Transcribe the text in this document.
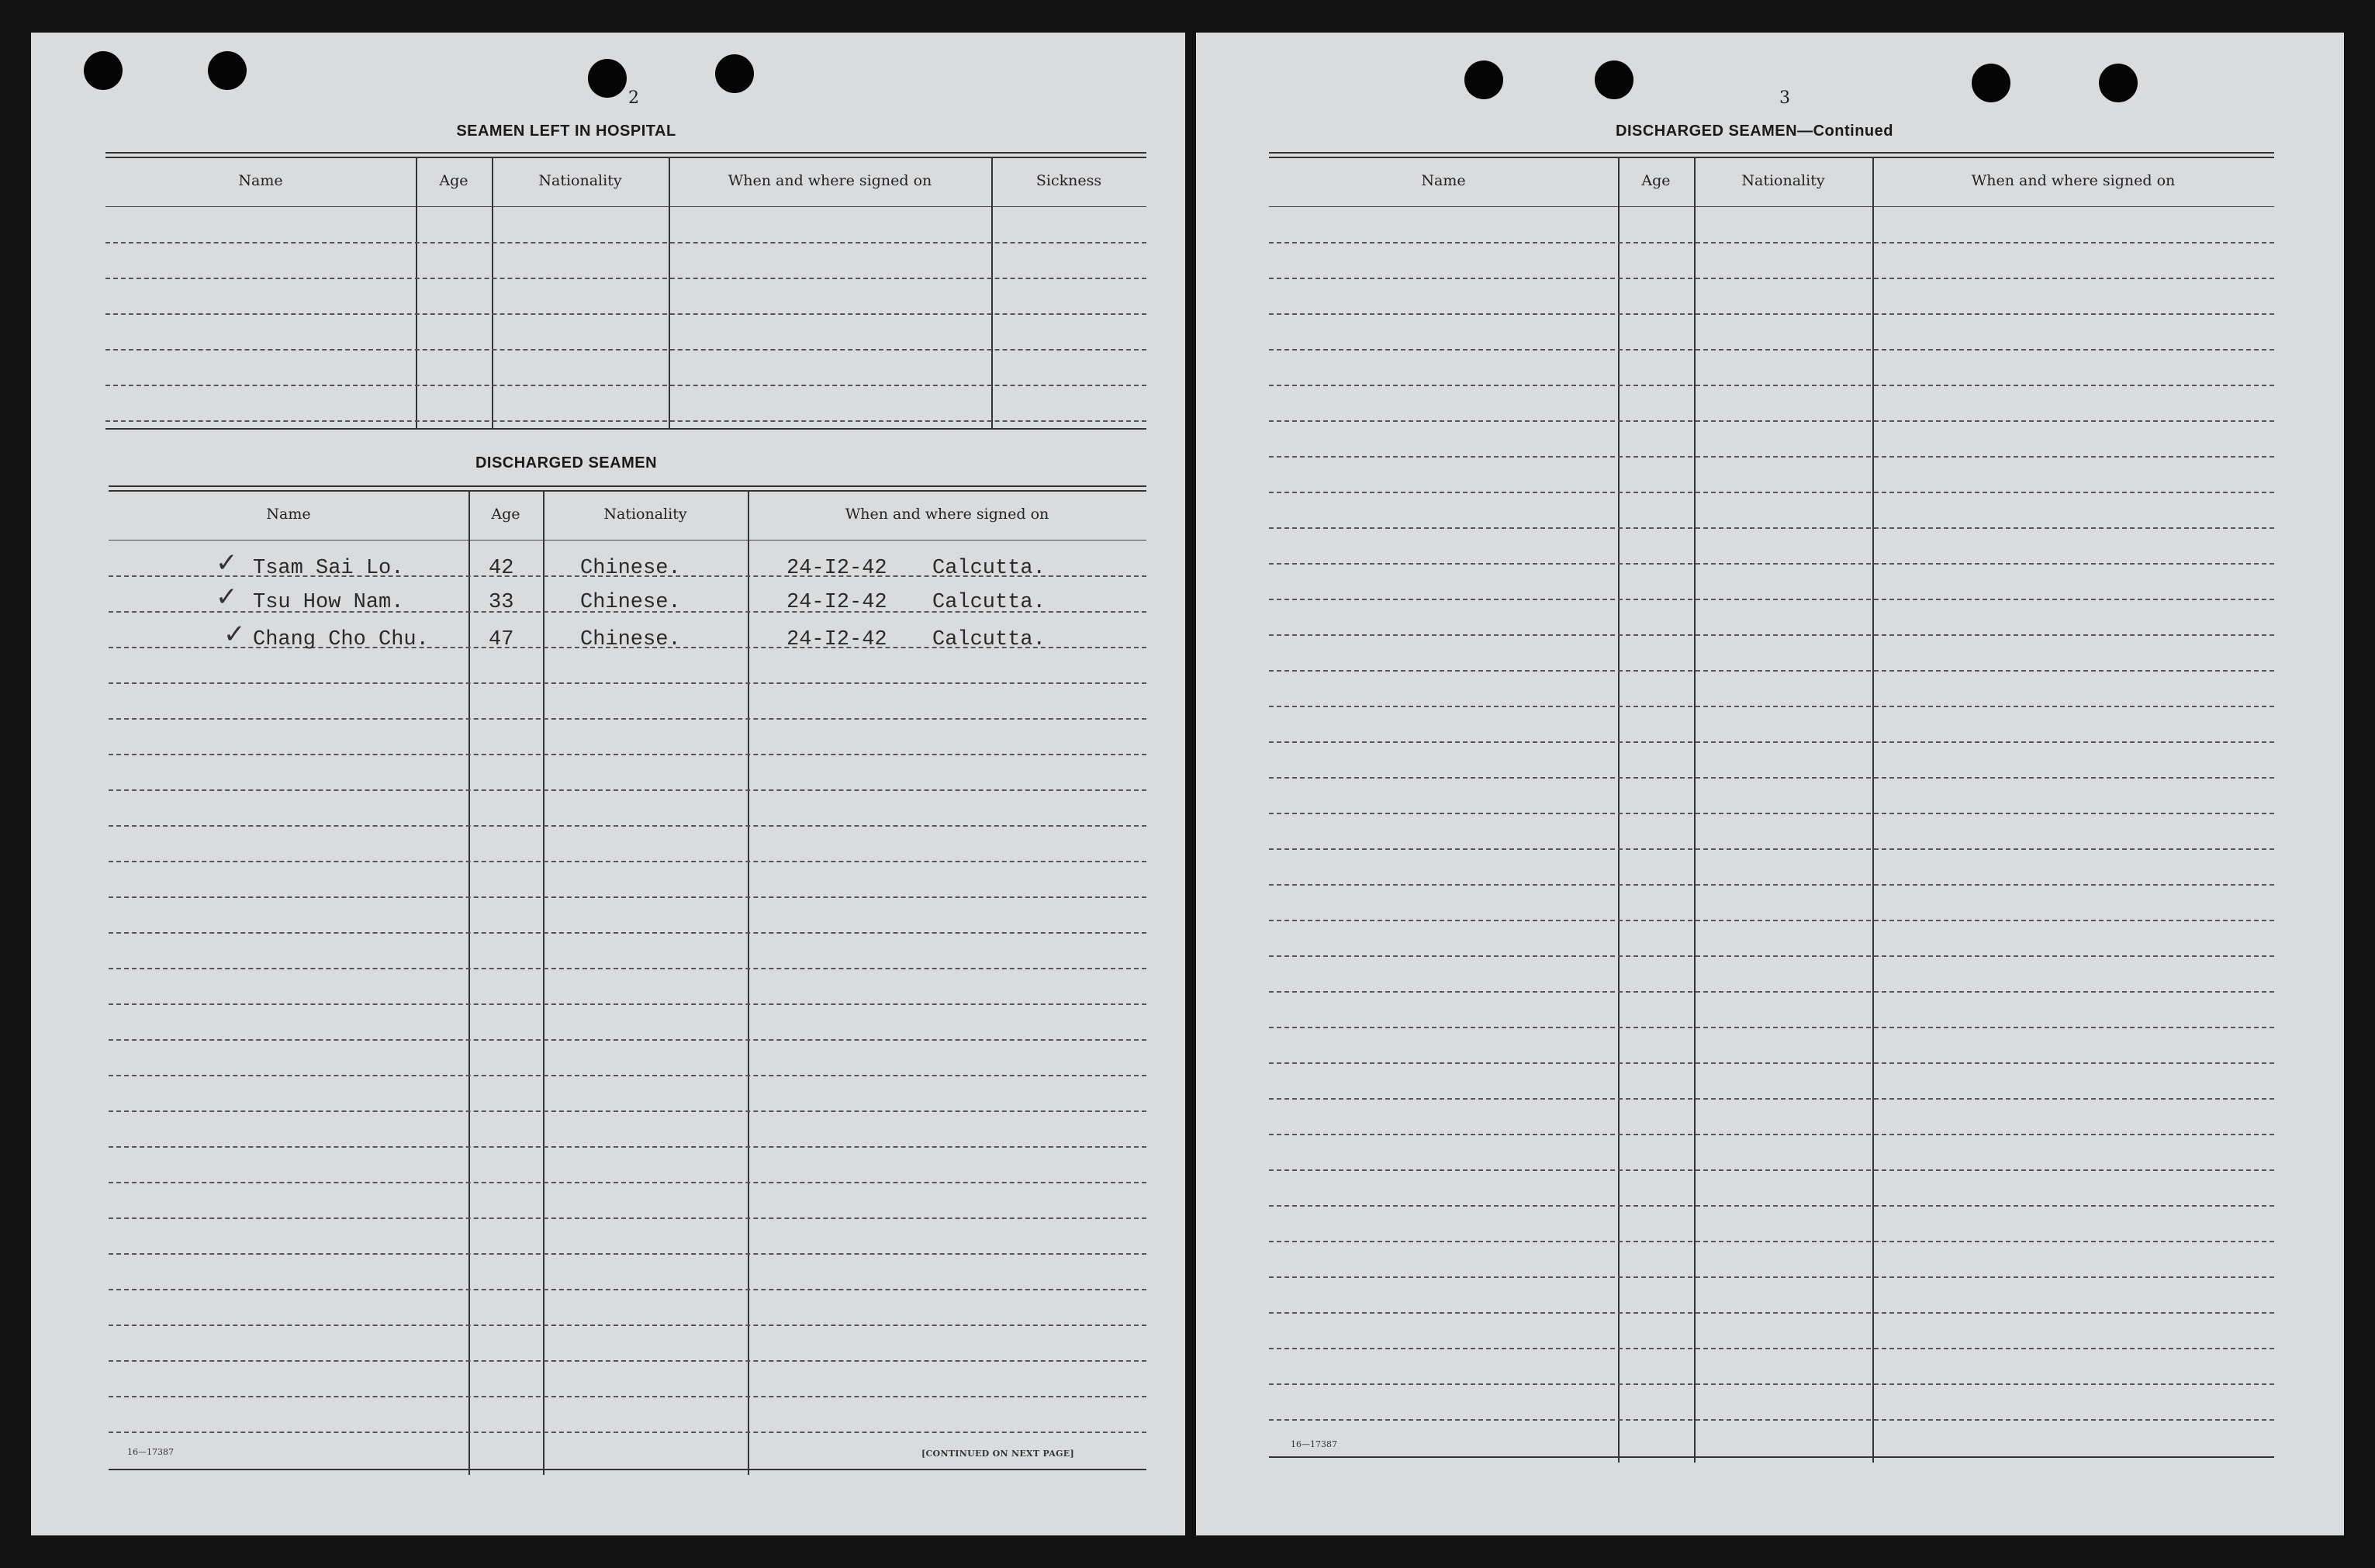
2
SEAMEN LEFT IN HOSPITAL
Name	Age	Nationality	When and where signed on	Sickness
DISCHARGED SEAMEN
Name	Age	Nationality	When and where signed on
✓
✓
✓
Tsam Sai Lo.	42	Chinese.	24-I2-42 Calcutta.
Tsu How Nam.	33	Chinese.	24-I2-42 Calcutta.
Chang Cho Chu.	47	Chinese.	24-I2-42 Calcutta.
16—17387	[CONTINUED ON NEXT PAGE]
3
DISCHARGED SEAMEN—Continued
Name	Age	Nationality	When and where signed on
16—17387
